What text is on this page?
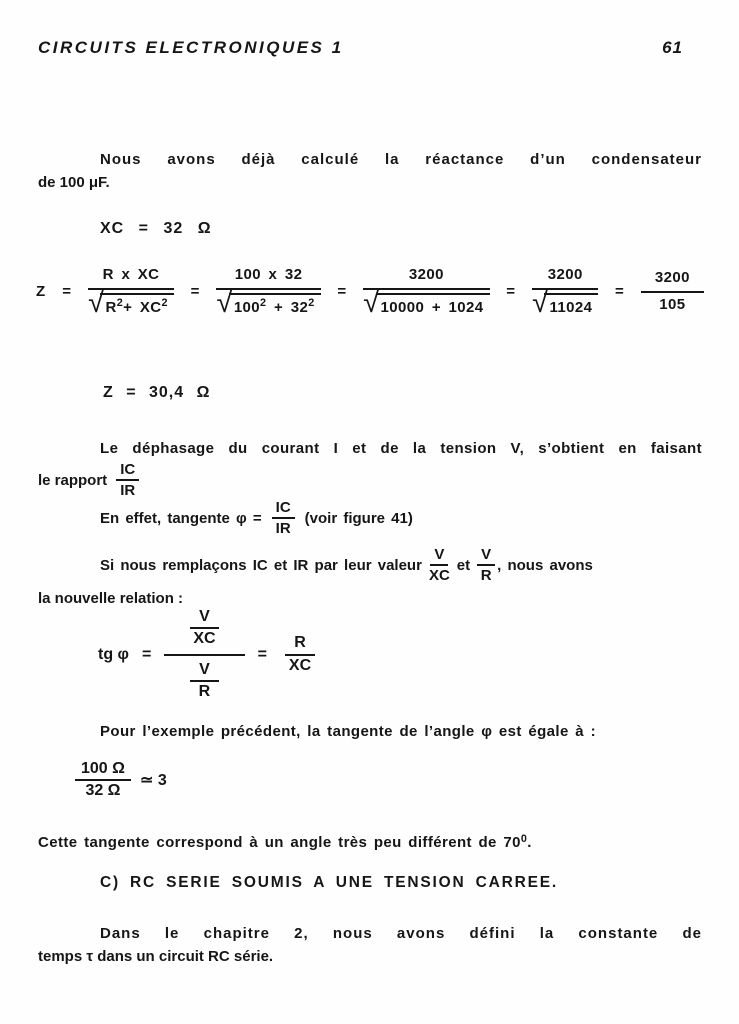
CIRCUITS ELECTRONIQUES 1	61
Nous avons déjà calculé la réactance d’un condensateur
de 100 μF.
XC = 32 Ω
Z =
R x XC
√ $R^2+ XC^2$
=
100 x 32
√ $100^2 + 32^2$
=
3200
√ 10000 + 1024
=
3200
√ 11024
=
3200
105
Z = 30,4 Ω
Le déphasage du courant I et de la tension V, s’obtient en faisant
le rapport $\frac{IC}{IR}$
En effet, tangente $\varphi = \frac{IC}{IR}$ (voir figure 41)
Si nous remplaçons IC et IR par leur valeur $\frac{V}{XC}$ et $\frac{V}{R}$ , nous avons
la nouvelle relation :
tg φ =
$\frac{V}{XC}$
$\frac{V}{R}$
= $\frac{R}{XC}$
Pour l’exemple précédent, la tangente de l’angle φ est égale à :
$\frac{100 \Omega}{32 \Omega}$ ≃ 3
Cette tangente correspond à un angle très peu différent de $70^0$.
C) RC SERIE SOUMIS A UNE TENSION CARREE.
Dans le chapitre 2, nous avons défini la constante de
temps τ dans un circuit RC série.
